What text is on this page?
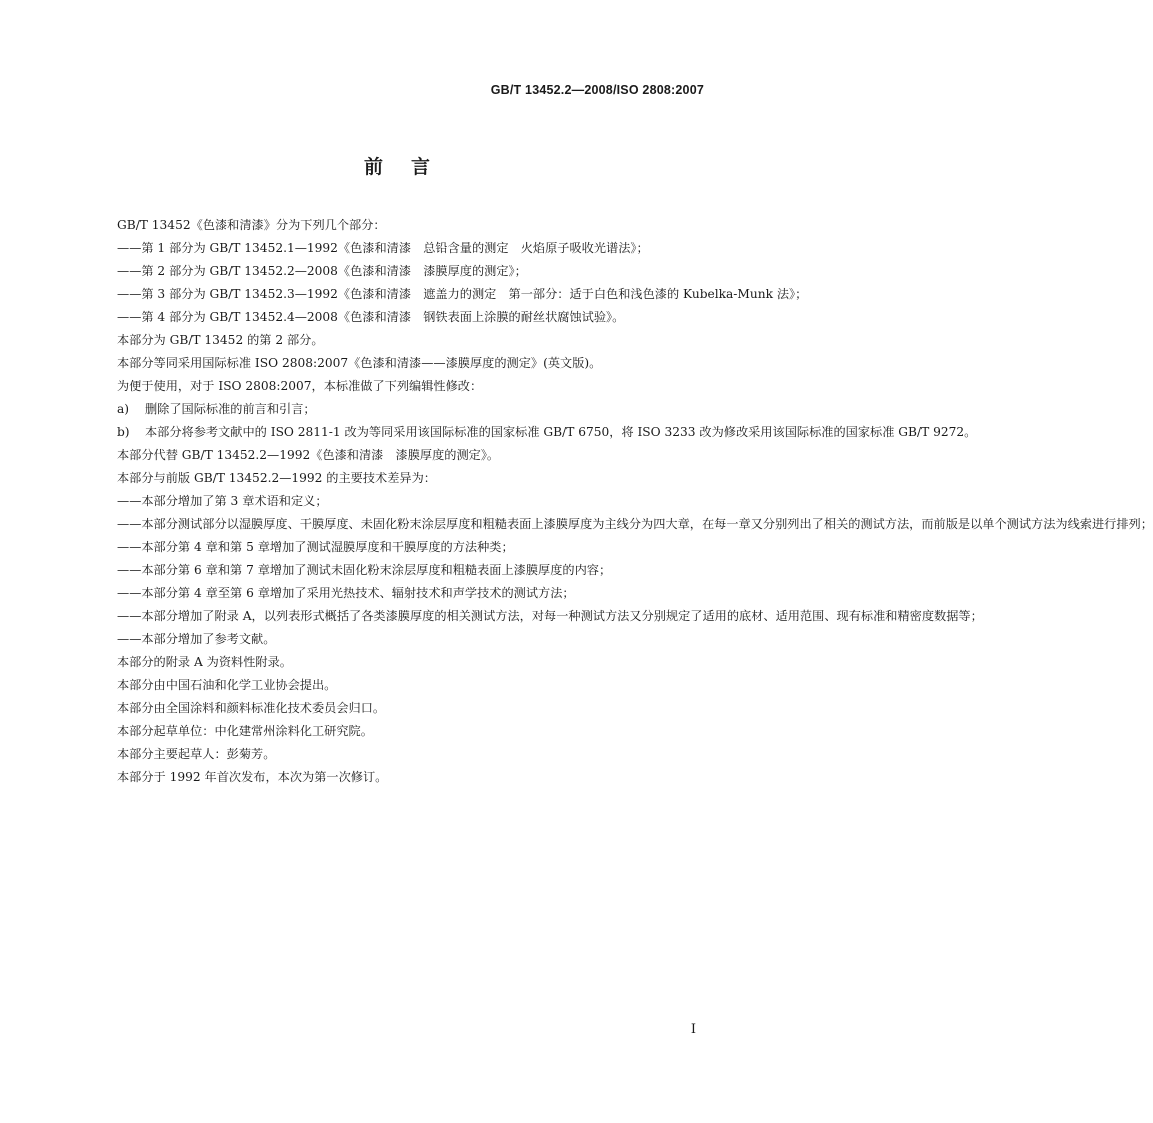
GB/T 13452.2—2008/ISO 2808:2007
前言
GB/T 13452《色漆和清漆》分为下列几个部分：
——第 1 部分为 GB/T 13452.1—1992《色漆和清漆　总铅含量的测定　火焰原子吸收光谱法》；
——第 2 部分为 GB/T 13452.2—2008《色漆和清漆　漆膜厚度的测定》；
——第 3 部分为 GB/T 13452.3—1992《色漆和清漆　遮盖力的测定　第一部分：适于白色和浅色漆的 Kubelka-Munk 法》；
——第 4 部分为 GB/T 13452.4—2008《色漆和清漆　钢铁表面上涂膜的耐丝状腐蚀试验》。
本部分为 GB/T 13452 的第 2 部分。
本部分等同采用国际标准 ISO 2808:2007《色漆和清漆——漆膜厚度的测定》(英文版)。
为便于使用，对于 ISO 2808:2007，本标准做了下列编辑性修改：
a) 删除了国际标准的前言和引言；
b) 本部分将参考文献中的 ISO 2811-1 改为等同采用该国际标准的国家标准 GB/T 6750，将 ISO 3233 改为修改采用该国际标准的国家标准 GB/T 9272。
本部分代替 GB/T 13452.2—1992《色漆和清漆　漆膜厚度的测定》。
本部分与前版 GB/T 13452.2—1992 的主要技术差异为：
——本部分增加了第 3 章术语和定义；
——本部分测试部分以湿膜厚度、干膜厚度、未固化粉末涂层厚度和粗糙表面上漆膜厚度为主线分为四大章，在每一章又分别列出了相关的测试方法，而前版是以单个测试方法为线索进行排列；
——本部分第 4 章和第 5 章增加了测试湿膜厚度和干膜厚度的方法种类；
——本部分第 6 章和第 7 章增加了测试未固化粉末涂层厚度和粗糙表面上漆膜厚度的内容；
——本部分第 4 章至第 6 章增加了采用光热技术、辐射技术和声学技术的测试方法；
——本部分增加了附录 A，以列表形式概括了各类漆膜厚度的相关测试方法，对每一种测试方法又分别规定了适用的底材、适用范围、现有标准和精密度数据等；
——本部分增加了参考文献。
本部分的附录 A 为资料性附录。
本部分由中国石油和化学工业协会提出。
本部分由全国涂料和颜料标准化技术委员会归口。
本部分起草单位：中化建常州涂料化工研究院。
本部分主要起草人：彭菊芳。
本部分于 1992 年首次发布，本次为第一次修订。
I
